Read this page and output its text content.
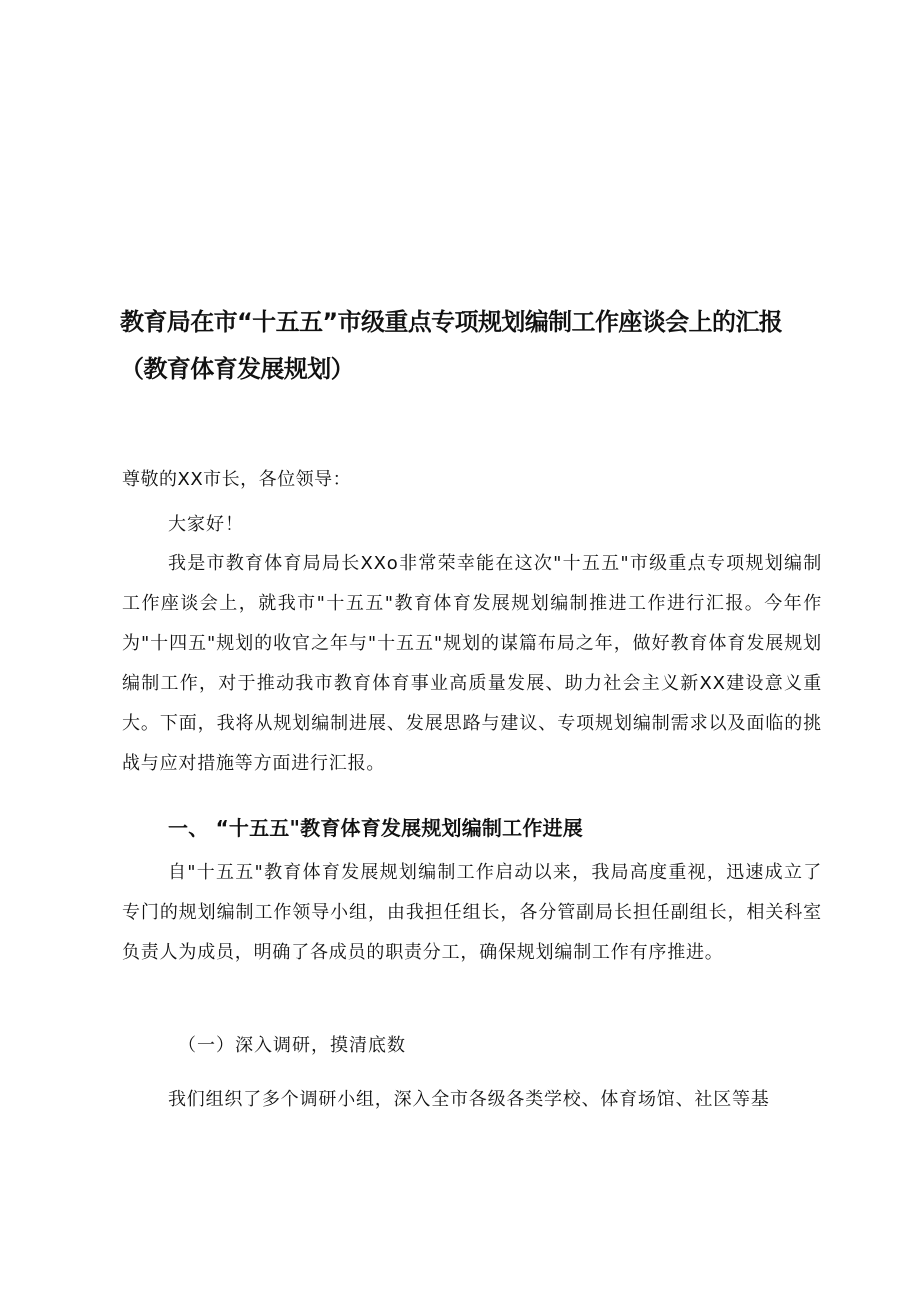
教育局在市“十五五”市级重点专项规划编制工作座谈会上的汇报
（教育体育发展规划）
尊敬的XX市长，各位领导：
大家好！
我是市教育体育局局长XXo非常荣幸能在这次"十五五"市级重点专项规划编制工作座谈会上，就我市"十五五"教育体育发展规划编制推进工作进行汇报。今年作为"十四五"规划的收官之年与"十五五"规划的谋篇布局之年，做好教育体育发展规划编制工作，对于推动我市教育体育事业高质量发展、助力社会主义新XX建设意义重大。下面，我将从规划编制进展、发展思路与建议、专项规划编制需求以及面临的挑战与应对措施等方面进行汇报。
一、 “十五五"教育体育发展规划编制工作进展
自"十五五"教育体育发展规划编制工作启动以来，我局高度重视，迅速成立了专门的规划编制工作领导小组，由我担任组长，各分管副局长担任副组长，相关科室负责人为成员，明确了各成员的职责分工，确保规划编制工作有序推进。
（一）深入调研，摸清底数
我们组织了多个调研小组，深入全市各级各类学校、体育场馆、社区等基
